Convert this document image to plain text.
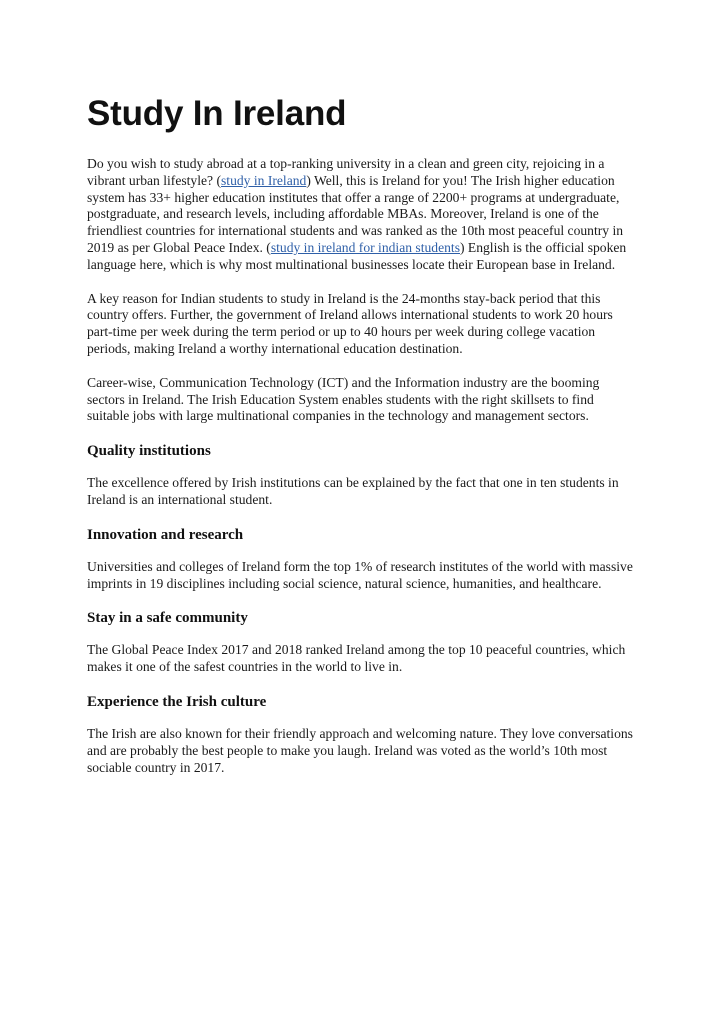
Study In Ireland

Do you wish to study abroad at a top-ranking university in a clean and green city, rejoicing in a vibrant urban lifestyle? (study in Ireland) Well, this is Ireland for you! The Irish higher education system has 33+ higher education institutes that offer a range of 2200+ programs at undergraduate, postgraduate, and research levels, including affordable MBAs. Moreover, Ireland is one of the friendliest countries for international students and was ranked as the 10th most peaceful country in 2019 as per Global Peace Index. (study in ireland for indian students) English is the official spoken language here, which is why most multinational businesses locate their European base in Ireland.

A key reason for Indian students to study in Ireland is the 24-months stay-back period that this country offers. Further, the government of Ireland allows international students to work 20 hours part-time per week during the term period or up to 40 hours per week during college vacation periods, making Ireland a worthy international education destination.

Career-wise, Communication Technology (ICT) and the Information industry are the booming sectors in Ireland. The Irish Education System enables students with the right skillsets to find suitable jobs with large multinational companies in the technology and management sectors.

Quality institutions

The excellence offered by Irish institutions can be explained by the fact that one in ten students in Ireland is an international student.

Innovation and research

Universities and colleges of Ireland form the top 1% of research institutes of the world with massive imprints in 19 disciplines including social science, natural science, humanities, and healthcare.

Stay in a safe community

The Global Peace Index 2017 and 2018 ranked Ireland among the top 10 peaceful countries, which makes it one of the safest countries in the world to live in.

Experience the Irish culture

The Irish are also known for their friendly approach and welcoming nature. They love conversations and are probably the best people to make you laugh. Ireland was voted as the world’s 10th most sociable country in 2017.
